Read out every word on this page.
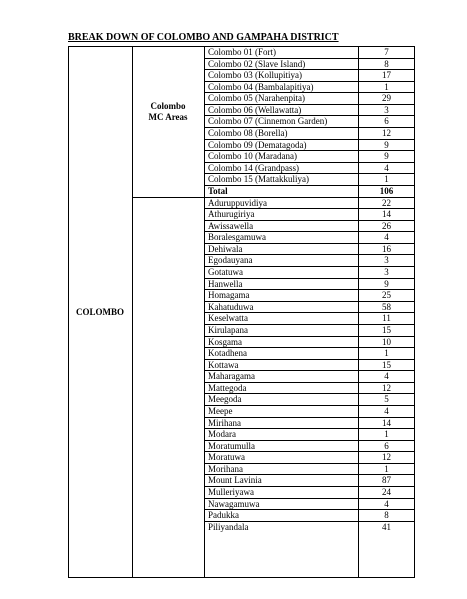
BREAK DOWN OF COLOMBO AND GAMPAHA DISTRICT
COLOMBO
Colombo MC Areas
Colombo 01 (Fort)	7
Colombo 02 (Slave Island)	8
Colombo 03 (Kollupitiya)	17
Colombo 04 (Bambalapitiya)	1
Colombo 05 (Narahenpita)	29
Colombo 06 (Wellawatta)	3
Colombo 07 (Cinnemon Garden)	6
Colombo 08 (Borella)	12
Colombo 09 (Dematagoda)	9
Colombo 10 (Maradana)	9
Colombo 14 (Grandpass)	4
Colombo 15 (Mattakkuliya)	1
Total	106
Aduruppuvidiya	22
Athurugiriya	14
Awissawella	26
Boralesgamuwa	4
Dehiwala	16
Egodauyana	3
Gotatuwa	3
Hanwella	9
Homagama	25
Kahatuduwa	58
Keselwatta	11
Kirulapana	15
Kosgama	10
Kotadhena	1
Kottawa	15
Maharagama	4
Mattegoda	12
Meegoda	5
Meepe	4
Mirihana	14
Modara	1
Moratumulla	6
Moratuwa	12
Morihana	1
Mount Lavinia	87
Mulleriyawa	24
Nawagamuwa	4
Padukka	8
Piliyandala	41
